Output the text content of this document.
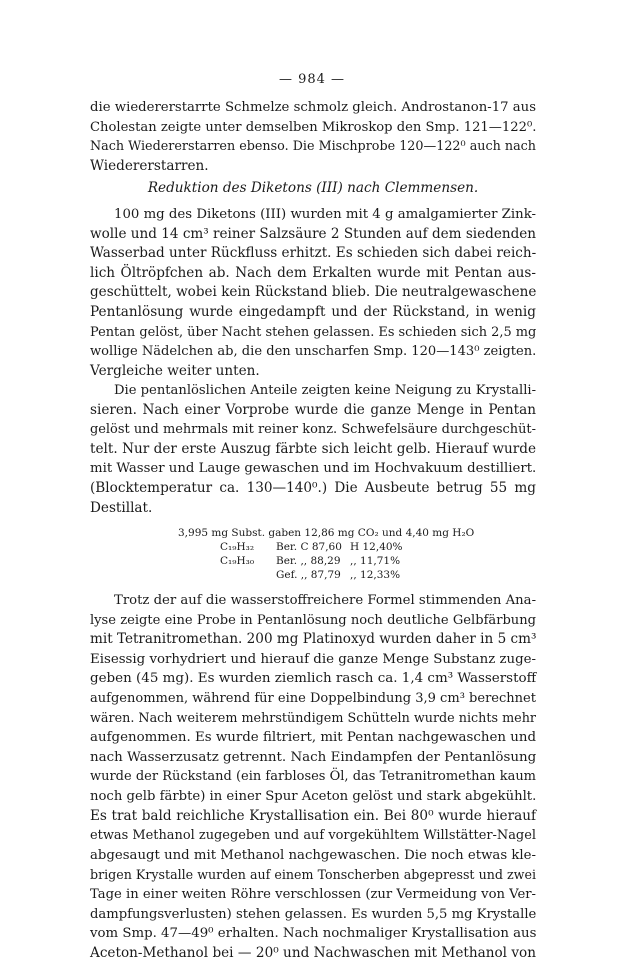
— 984 —
die wiedererstarrte Schmelze schmolz gleich. Androstanon-17 aus
Cholestan zeigte unter demselben Mikroskop den Smp. 121—122⁰.
Nach Wiedererstarren ebenso. Die Mischprobe 120—122⁰ auch nach
Wiedererstarren.
Reduktion des Diketons (III) nach Clemmensen.
100 mg des Diketons (III) wurden mit 4 g amalgamierter Zink-
wolle und 14 cm³ reiner Salzsäure 2 Stunden auf dem siedenden
Wasserbad unter Rückfluss erhitzt. Es schieden sich dabei reich-
lich Öltröpfchen ab. Nach dem Erkalten wurde mit Pentan aus-
geschüttelt, wobei kein Rückstand blieb. Die neutralgewaschene
Pentanlösung wurde eingedampft und der Rückstand, in wenig
Pentan gelöst, über Nacht stehen gelassen. Es schieden sich 2,5 mg
wollige Nädelchen ab, die den unscharfen Smp. 120—143⁰ zeigten.
Vergleiche weiter unten.
Die pentanlöslichen Anteile zeigten keine Neigung zu Krystalli-
sieren. Nach einer Vorprobe wurde die ganze Menge in Pentan
gelöst und mehrmals mit reiner konz. Schwefelsäure durchgeschüt-
telt. Nur der erste Auszug färbte sich leicht gelb. Hierauf wurde
mit Wasser und Lauge gewaschen und im Hochvakuum destilliert.
(Blocktemperatur ca. 130—140⁰.) Die Ausbeute betrug 55 mg
Destillat.
3,995 mg Subst. gaben 12,86 mg CO₂ und 4,40 mg H₂O
C₁₉H₃₂	Ber. C 87,60	H 12,40%
C₁₉H₃₀	Ber. ,, 88,29	,, 11,71%
	Gef. ,, 87,79	,, 12,33%
Trotz der auf die wasserstoffreichere Formel stimmenden Ana-
lyse zeigte eine Probe in Pentanlösung noch deutliche Gelbfärbung
mit Tetranitromethan. 200 mg Platinoxyd wurden daher in 5 cm³
Eisessig vorhydriert und hierauf die ganze Menge Substanz zuge-
geben (45 mg). Es wurden ziemlich rasch ca. 1,4 cm³ Wasserstoff
aufgenommen, während für eine Doppelbindung 3,9 cm³ berechnet
wären. Nach weiterem mehrstündigem Schütteln wurde nichts mehr
aufgenommen. Es wurde filtriert, mit Pentan nachgewaschen und
nach Wasserzusatz getrennt. Nach Eindampfen der Pentanlösung
wurde der Rückstand (ein farbloses Öl, das Tetranitromethan kaum
noch gelb färbte) in einer Spur Aceton gelöst und stark abgekühlt.
Es trat bald reichliche Krystallisation ein. Bei 80⁰ wurde hierauf
etwas Methanol zugegeben und auf vorgekühltem Willstätter-Nagel
abgesaugt und mit Methanol nachgewaschen. Die noch etwas kle-
brigen Krystalle wurden auf einem Tonscherben abgepresst und zwei
Tage in einer weiten Röhre verschlossen (zur Vermeidung von Ver-
dampfungsverlusten) stehen gelassen. Es wurden 5,5 mg Krystalle
vom Smp. 47—49⁰ erhalten. Nach nochmaliger Krystallisation aus
Aceton-Methanol bei — 20⁰ und Nachwaschen mit Methanol von
